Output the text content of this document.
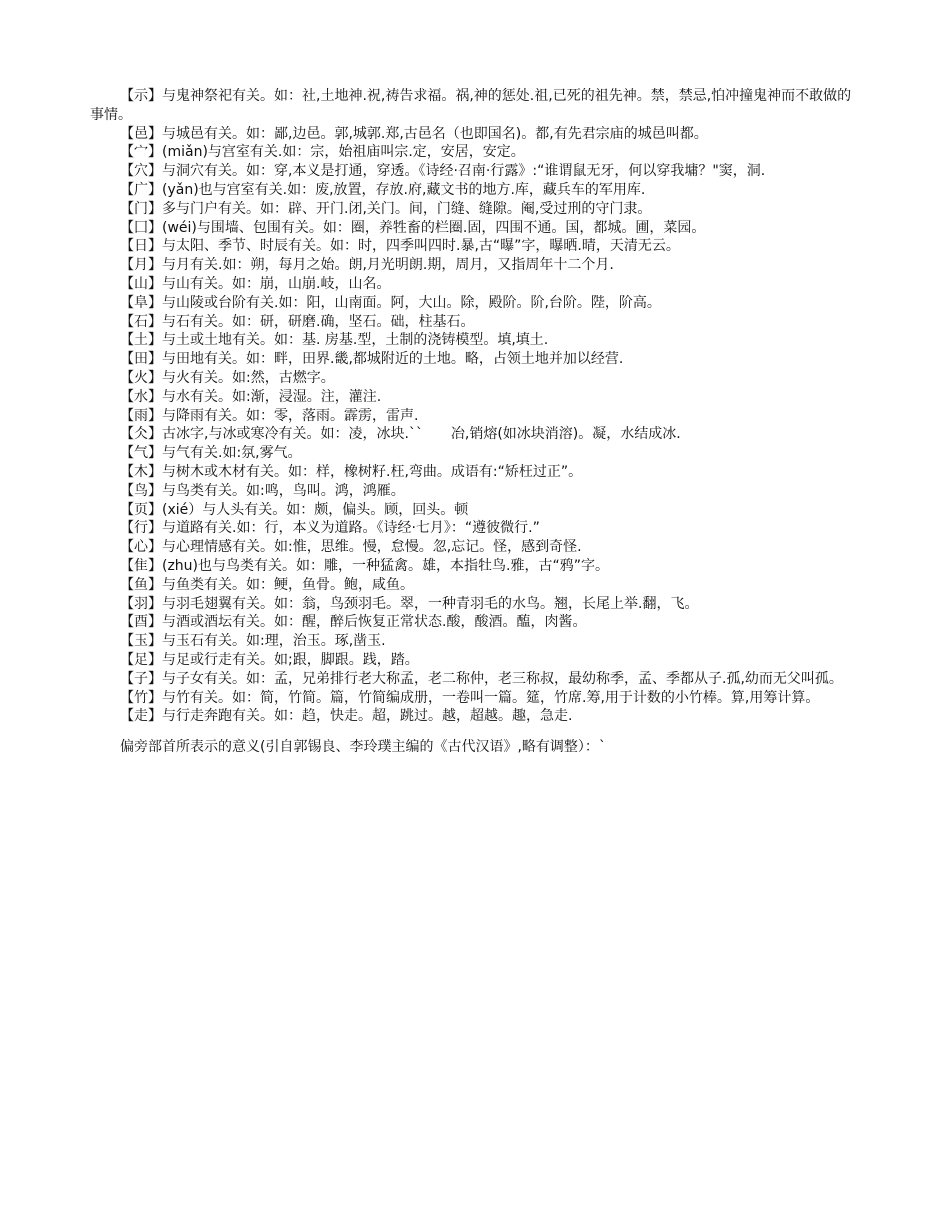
【示】与鬼神祭祀有关。如：社,土地神.祝,祷告求福。祸,神的惩处.祖,已死的祖先神。禁，禁忌,怕冲撞鬼神而不敢做的事情。

【邑】与城邑有关。如：鄙,边邑。郭,城郭.郑,古邑名（也即国名)。都,有先君宗庙的城邑叫都。

【宀】(miǎn)与宫室有关.如：宗，始祖庙叫宗.定，安居，安定。

【穴】与洞穴有关。如：穿,本义是打通，穿透。《诗经·召南·行露》:“谁谓鼠无牙，何以穿我墉？"窦，洞.

【广】(yǎn)也与宫室有关.如：废,放置，存放.府,藏文书的地方.库，藏兵车的军用库.

【门】多与门户有关。如：辟、开门.闭,关门。间，门缝、缝隙。阉,受过刑的守门隶。

【囗】(wéi)与围墙、包围有关。如：圈，养牲畜的栏圈.固，四围不通。国，都城。圃，菜园。

【日】与太阳、季节、时辰有关。如：时，四季叫四时.暴,古“曝”字，曝晒.晴，天清无云。

【月】与月有关.如：朔，每月之始。朗,月光明朗.期，周月，又指周年十二个月.

【山】与山有关。如：崩，山崩.岐，山名。

【阜】与山陵或台阶有关.如：阳，山南面。阿，大山。除，殿阶。阶,台阶。陛，阶高。

【石】与石有关。如：研，研磨.确，坚石。础，柱基石。

【土】与土或土地有关。如：基. 房基.型，土制的浇铸模型。填,填土.

【田】与田地有关。如：畔，田界.畿,都城附近的土地。略，占领土地并加以经营.

【火】与火有关。如:然，古燃字。

【水】与水有关。如:渐，浸湿。注，灌注.

【雨】与降雨有关。如：零，落雨。霹雳，雷声.

【仌】古冰字,与冰或寒冷有关。如：凌，冰块.``　　冶,销熔(如冰块消溶)。凝，水结成冰.

【气】与气有关.如:氛,雾气。

【木】与树木或木材有关。如：样，橡树籽.枉,弯曲。成语有:“矫枉过正”。

【鸟】与鸟类有关。如:鸣，鸟叫。鸿，鸿雁。

【页】(xié）与人头有关。如：颇，偏头。顾，回头。顿

【行】与道路有关.如：行，本义为道路。《诗经·七月》：“遵彼微行.”

【心】与心理情感有关。如:惟，思维。慢，怠慢。忽,忘记。怪，感到奇怪.

【隹】(zhu)也与鸟类有关。如：雕，一种猛禽。雄，本指牡鸟.雅，古“鸦”字。

【鱼】与鱼类有关。如：鲠，鱼骨。鲍，咸鱼。

【羽】与羽毛翅翼有关。如：翁，鸟颈羽毛。翠，一种青羽毛的水鸟。翘，长尾上举.翻，飞。

【酉】与酒或酒坛有关。如：醒，醉后恢复正常状态.酸，酸酒。醢，肉酱。

【玉】与玉石有关。如:理，治玉。琢,凿玉.

【足】与足或行走有关。如;跟，脚跟。践，踏。

【子】与子女有关。如：孟，兄弟排行老大称孟，老二称仲，老三称叔，最幼称季，孟、季都从子.孤,幼而无父叫孤。

【竹】与竹有关。如：简，竹简。篇，竹简编成册，一卷叫一篇。筵，竹席.筹,用于计数的小竹棒。算,用筹计算。

【走】与行走奔跑有关。如：趋，快走。超，跳过。越，超越。趣，急走.

偏旁部首所表示的意义(引自郭锡良、李玲璞主编的《古代汉语》,略有调整）：`
